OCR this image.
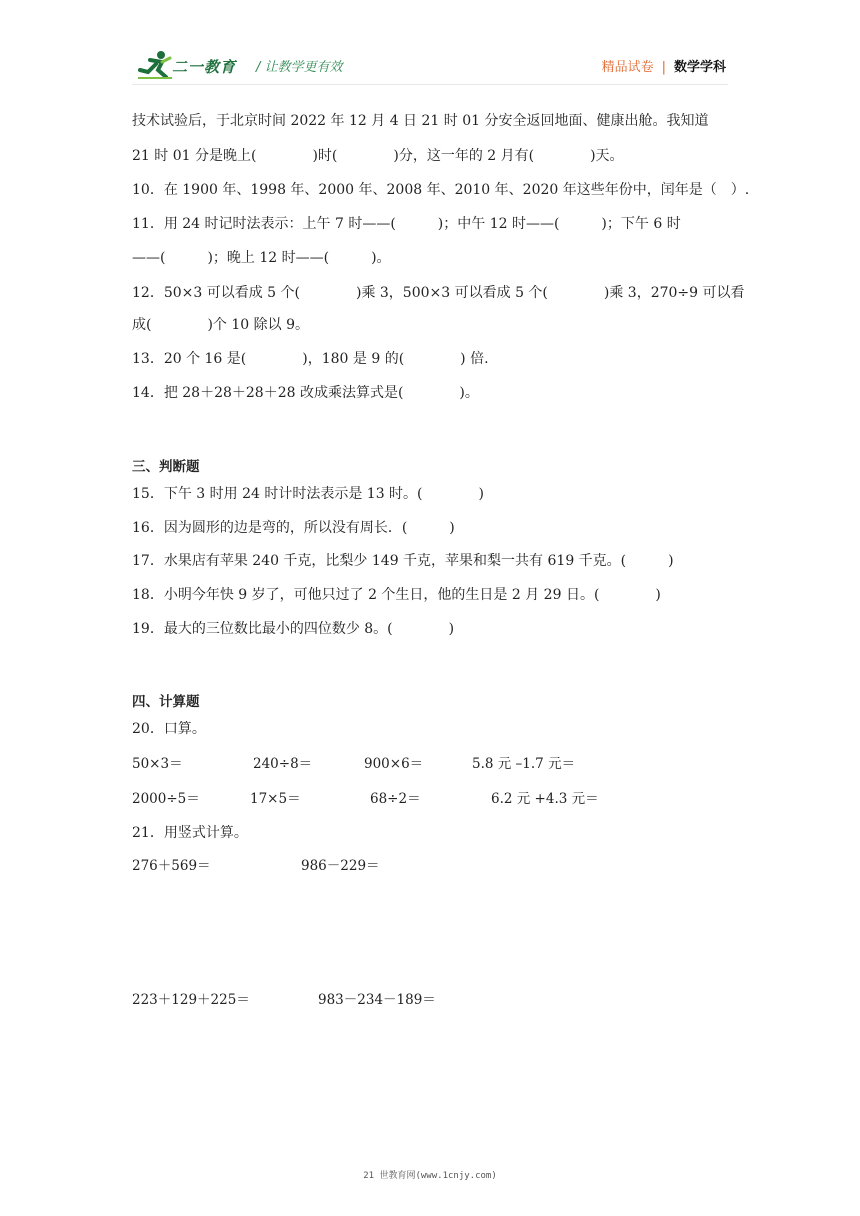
二一教育 / 让教学更有效	精品试卷 | 数学学科
技术试验后，于北京时间 2022 年 12 月 4 日 21 时 01 分安全返回地面、健康出舱。我知道
21 时 01 分是晚上(　　　　)时(　　　　)分，这一年的 2 月有(　　　　)天。
10．在 1900 年、1998 年、2000 年、2008 年、2010 年、2020 年这些年份中，闰年是（　）.
11．用 24 时记时法表示：上午 7 时——(　　　)；中午 12 时——(　　　)；下午 6 时
——(　　　)；晚上 12 时——(　　　)。
12．50×3 可以看成 5 个(　　　　)乘 3，500×3 可以看成 5 个(　　　　)乘 3，270÷9 可以看
成(　　　　)个 10 除以 9。
13．20 个 16 是(　　　　)，180 是 9 的(　　　　) 倍.
14．把 28＋28＋28＋28 改成乘法算式是(　　　　)。
三、判断题
15．下午 3 时用 24 时计时法表示是 13 时。(　　　　)
16．因为圆形的边是弯的，所以没有周长．(　　　)
17．水果店有苹果 240 千克，比梨少 149 千克，苹果和梨一共有 619 千克。(　　　)
18．小明今年快 9 岁了，可他只过了 2 个生日，他的生日是 2 月 29 日。(　　　　)
19．最大的三位数比最小的四位数少 8。(　　　　)
四、计算题
20．口算。
50×3＝	240÷8＝	900×6＝	5.8 元 –1.7 元＝
2000÷5＝	17×5＝	68÷2＝	6.2 元 +4.3 元＝
21．用竖式计算。
276＋569＝	986－229＝
223＋129＋225＝	983－234－189＝
21 世教育网(www.1cnjy.com)
